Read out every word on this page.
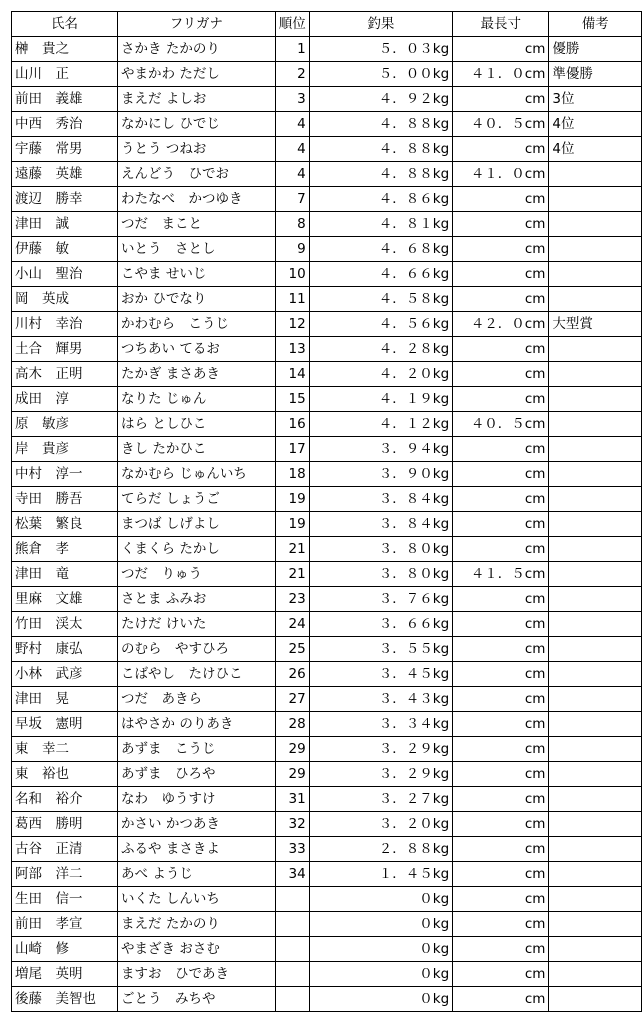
氏名	フリガナ	順位	釣果	最長寸	備考
榊　貴之	さかき たかのり	1	５．０３kg	cm	優勝
山川　正	やまかわ ただし	2	５．００kg	４１．０cm	準優勝
前田　義雄	まえだ よしお	3	４．９２kg	cm	3位
中西　秀治	なかにし ひでじ	4	４．８８kg	４０．５cm	4位
宇藤　常男	うとう つねお	4	４．８８kg	cm	4位
遠藤　英雄	えんどう　ひでお	4	４．８８kg	４１．０cm	
渡辺　勝幸	わたなべ　かつゆき	7	４．８６kg	cm	
津田　誠	つだ　まこと	8	４．８１kg	cm	
伊藤　敏	いとう　さとし	9	４．６８kg	cm	
小山　聖治	こやま せいじ	10	４．６６kg	cm	
岡　英成	おか ひでなり	11	４．５８kg	cm	
川村　幸治	かわむら　こうじ	12	４．５６kg	４２．０cm	大型賞
土合　輝男	つちあい てるお	13	４．２８kg	cm	
高木　正明	たかぎ まさあき	14	４．２０kg	cm	
成田　淳	なりた じゅん	15	４．１９kg	cm	
原　敏彦	はら としひこ	16	４．１２kg	４０．５cm	
岸　貴彦	きし たかひこ	17	３．９４kg	cm	
中村　淳一	なかむら じゅんいち	18	３．９０kg	cm	
寺田　勝吾	てらだ しょうご	19	３．８４kg	cm	
松葉　繁良	まつば しげよし	19	３．８４kg	cm	
熊倉　孝	くまくら たかし	21	３．８０kg	cm	
津田　竜	つだ　りゅう	21	３．８０kg	４１．５cm	
里麻　文雄	さとま ふみお	23	３．７６kg	cm	
竹田　渓太	たけだ けいた	24	３．６６kg	cm	
野村　康弘	のむら　やすひろ	25	３．５５kg	cm	
小林　武彦	こばやし　たけひこ	26	３．４５kg	cm	
津田　晃	つだ　あきら	27	３．４３kg	cm	
早坂　憲明	はやさか のりあき	28	３．３４kg	cm	
東　幸二	あずま　こうじ	29	３．２９kg	cm	
東　裕也	あずま　ひろや	29	３．２９kg	cm	
名和　裕介	なわ　ゆうすけ	31	３．２７kg	cm	
葛西　勝明	かさい かつあき	32	３．２０kg	cm	
古谷　正清	ふるや まさきよ	33	２．８８kg	cm	
阿部　洋二	あべ ようじ	34	１．４５kg	cm	
生田　信一	いくた しんいち		０kg	cm	
前田　孝宣	まえだ たかのり		０kg	cm	
山崎　修	やまざき おさむ		０kg	cm	
増尾　英明	ますお　ひであき		０kg	cm	
後藤　美智也	ごとう　みちや		０kg	cm	
